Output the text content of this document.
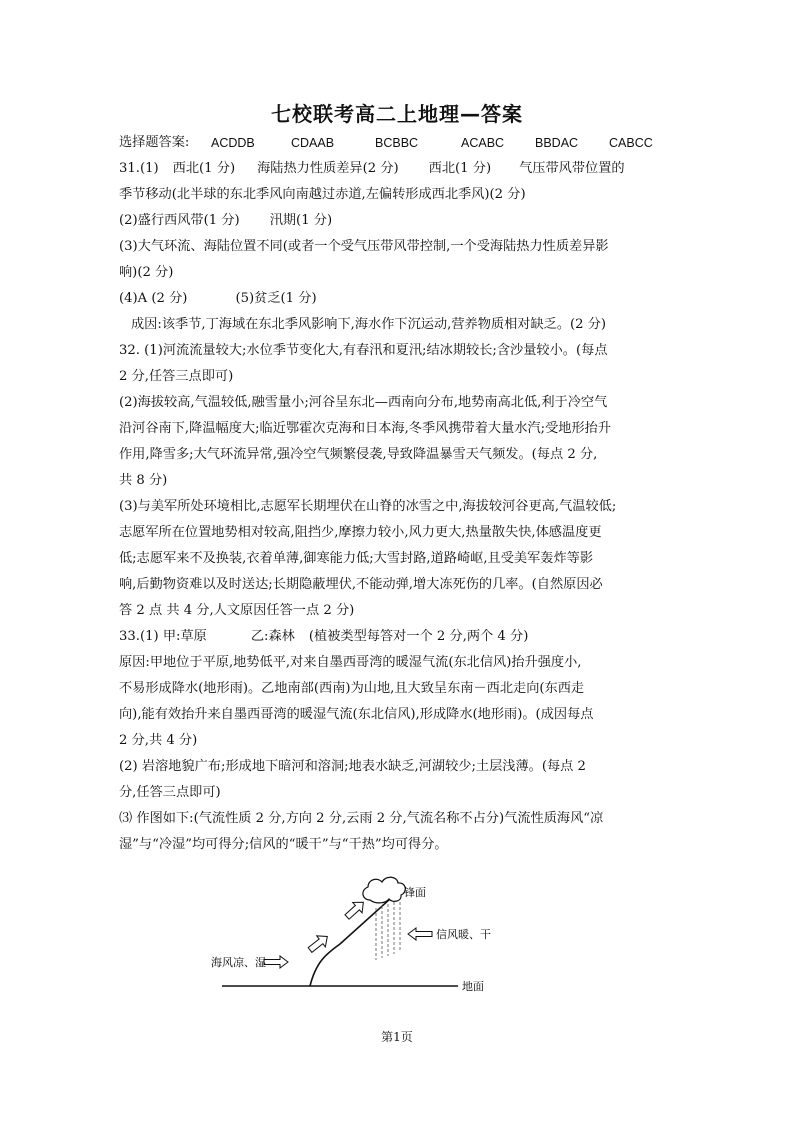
七校联考高二上地理—答案
选择题答案:	ACDDB	CDAAB	BCBBC	ACABC	BBDAC	CABCC
31.(1) 西北(1 分) 海陆热力性质差异(2 分) 西北(1 分) 气压带风带位置的
季节移动(北半球的东北季风向南越过赤道,左偏转形成西北季风)(2 分)
(2)盛行西风带(1 分) 汛期(1 分)
(3)大气环流、海陆位置不同(或者一个受气压带风带控制,一个受海陆热力性质差异影
响)(2 分)
(4)A (2 分)	(5)贫乏(1 分)
成因:该季节,丁海域在东北季风影响下,海水作下沉运动,营养物质相对缺乏。(2 分)
32. (1)河流流量较大;水位季节变化大,有春汛和夏汛;结冰期较长;含沙量较小。(每点
2 分,任答三点即可)
(2)海拔较高,气温较低,融雪量小;河谷呈东北—西南向分布,地势南高北低,利于冷空气
沿河谷南下,降温幅度大;临近鄂霍次克海和日本海,冬季风携带着大量水汽;受地形抬升
作用,降雪多;大气环流异常,强冷空气频繁侵袭,导致降温暴雪天气频发。(每点 2 分,
共 8 分)
(3)与美军所处环境相比,志愿军长期埋伏在山脊的冰雪之中,海拔较河谷更高,气温较低;
志愿军所在位置地势相对较高,阻挡少,摩擦力较小,风力更大,热量散失快,体感温度更
低;志愿军来不及换装,衣着单薄,御寒能力低;大雪封路,道路崎岖,且受美军轰炸等影
响,后勤物资难以及时送达;长期隐蔽埋伏,不能动弹,增大冻死伤的几率。(自然原因必
答 2 点 共 4 分,人文原因任答一点 2 分)
33.(1) 甲:草原	乙:森林 (植被类型每答对一个 2 分,两个 4 分)
原因:甲地位于平原,地势低平,对来自墨西哥湾的暖湿气流(东北信风)抬升强度小,
不易形成降水(地形雨)。乙地南部(西南)为山地,且大致呈东南－西北走向(东西走
向),能有效抬升来自墨西哥湾的暖湿气流(东北信风),形成降水(地形雨)。(成因每点
2 分,共 4 分)
(2) 岩溶地貌广布;形成地下暗河和溶洞;地表水缺乏,河湖较少;土层浅薄。(每点 2
分,任答三点即可)
⑶ 作图如下:(气流性质 2 分,方向 2 分,云雨 2 分,气流名称不占分)气流性质海风“凉
湿”与“冷湿”均可得分;信风的“暖干”与“干热”均可得分。
锋面
信风暖、干
海风凉、湿
地面
第1页
